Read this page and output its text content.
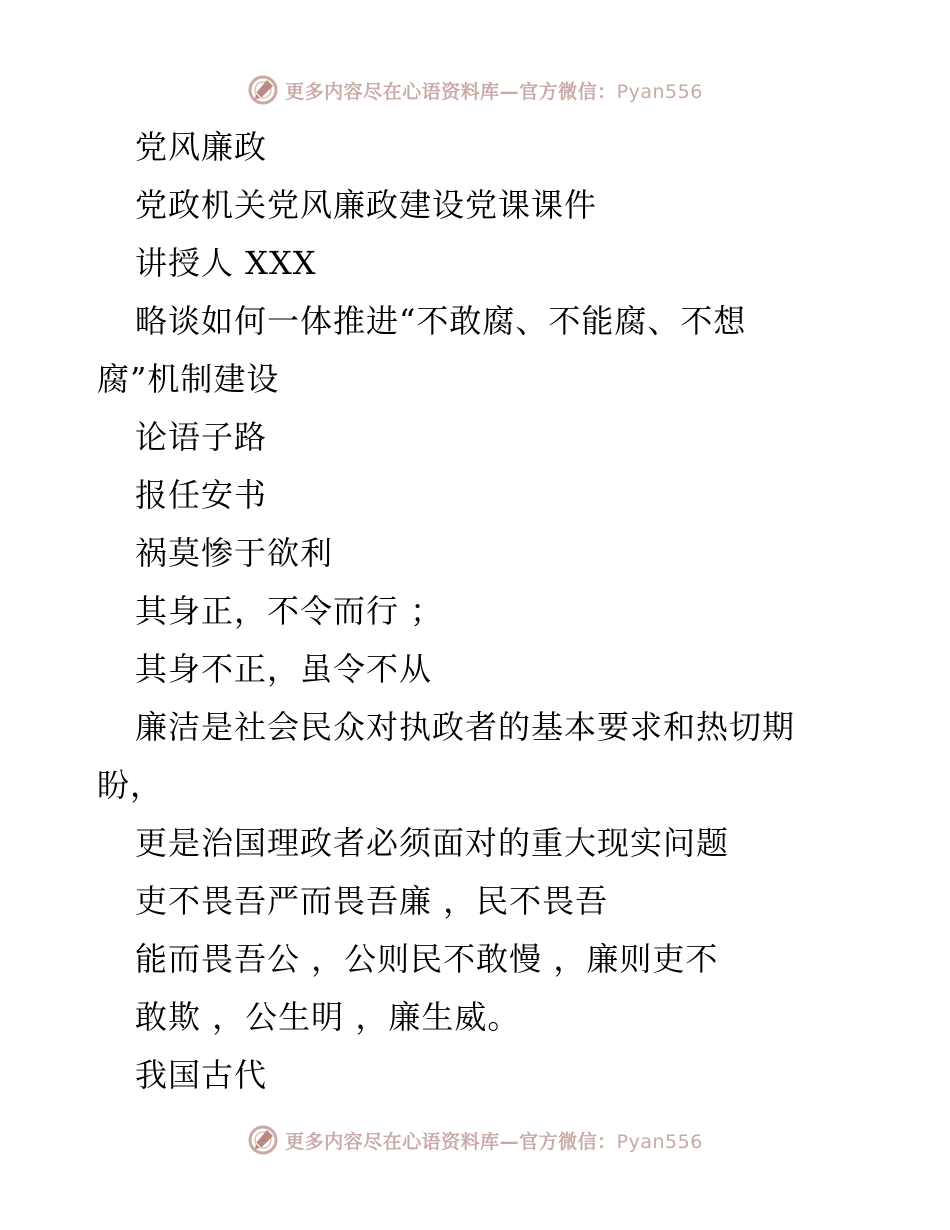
更多内容尽在心语资料库—官方微信：Pyan556
党风廉政
党政机关党风廉政建设党课课件
讲授人 XXX
略谈如何一体推进“不敢腐、不能腐、不想
腐”机制建设
论语子路
报任安书
祸莫惨于欲利
其身正，不令而行 ；
其身不正，虽令不从
廉洁是社会民众对执政者的基本要求和热切期
盼，
更是治国理政者必须面对的重大现实问题
吏不畏吾严而畏吾廉 ，民不畏吾
能而畏吾公 ，公则民不敢慢 ，廉则吏不
敢欺 ，公生明 ，廉生威。
我国古代
更多内容尽在心语资料库—官方微信：Pyan556
